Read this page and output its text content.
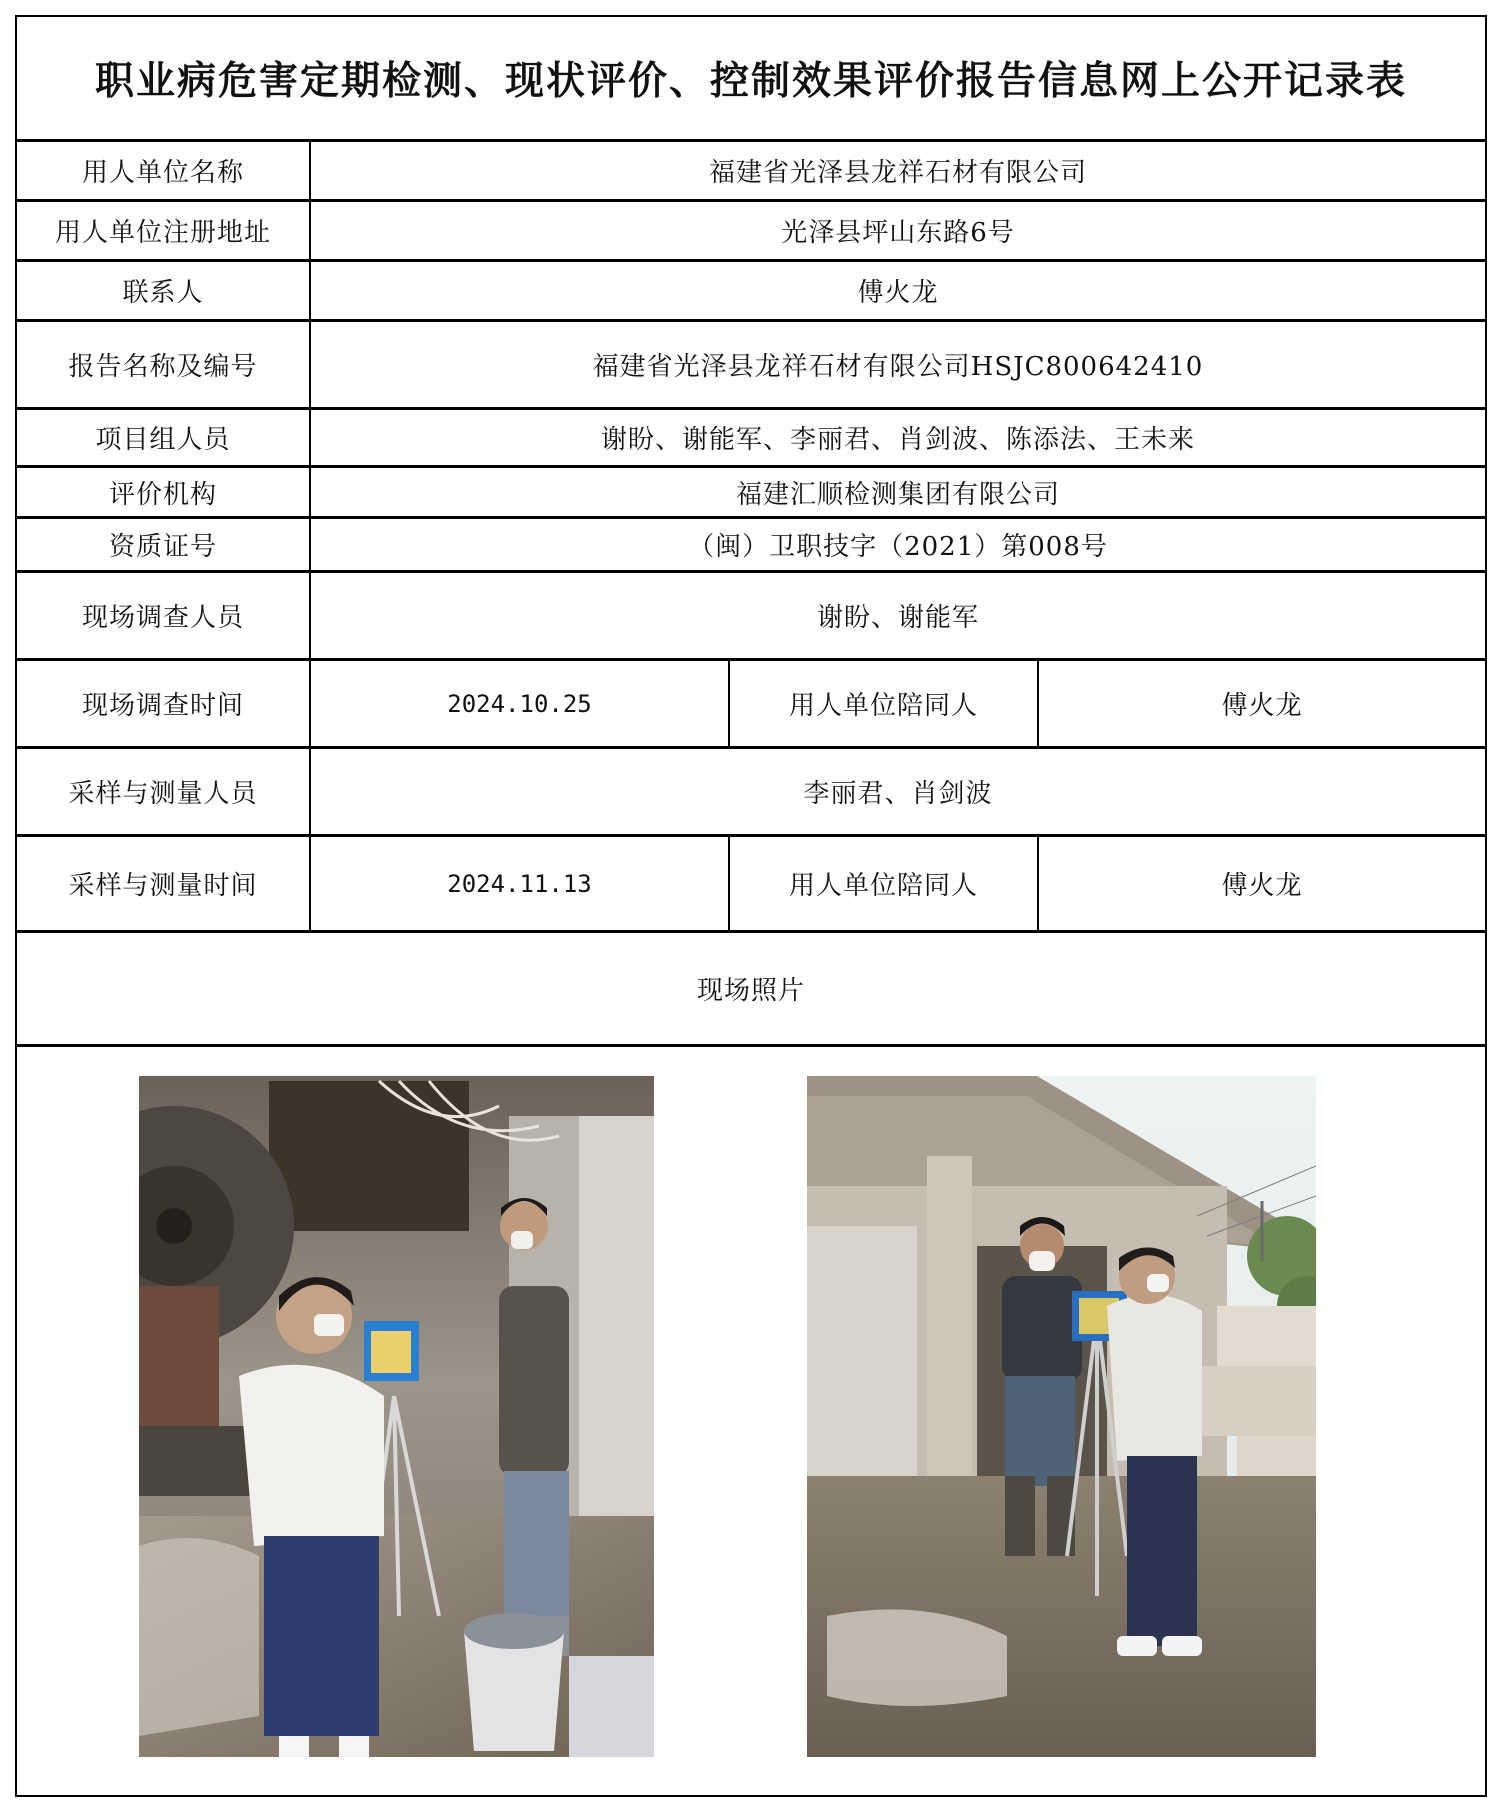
职业病危害定期检测、现状评价、控制效果评价报告信息网上公开记录表
用人单位名称	福建省光泽县龙祥石材有限公司
用人单位注册地址	光泽县坪山东路6号
联系人	傅火龙
报告名称及编号	福建省光泽县龙祥石材有限公司HSJC800642410
项目组人员	谢盼、谢能军、李丽君、肖剑波、陈添法、王未来
评价机构	福建汇顺检测集团有限公司
资质证号	（闽）卫职技字（2021）第008号
现场调查人员	谢盼、谢能军
现场调查时间	2024.10.25	用人单位陪同人	傅火龙
采样与测量人员	李丽君、肖剑波
采样与测量时间	2024.11.13	用人单位陪同人	傅火龙
现场照片
